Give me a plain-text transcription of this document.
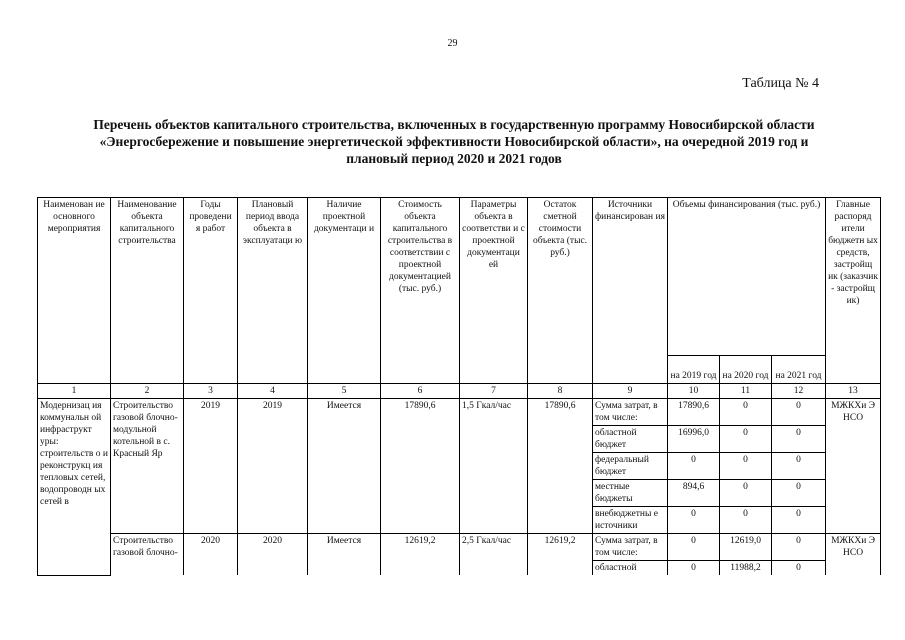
29
Таблица № 4
Перечень объектов капитального строительства, включенных в государственную программу Новосибирской области «Энергосбережение и повышение энергетической эффективности Новосибирской области», на очередной 2019 год и плановый период 2020 и 2021 годов
Наименован ие основного мероприятия	Наименование объекта капитального строительства	Годы проведени я работ	Плановый период ввода объекта в эксплуатаци ю	Наличие проектной документаци и	Стоимость объекта капитального строительства в соответствии с проектной документацией (тыс. руб.)	Параметры объекта в соответстви и с проектной документаци ей	Остаток сметной стоимости объекта (тыс. руб.)	Источники финансирован ия	Объемы финансирования (тыс. руб.)			Главные распоряд ители бюджетн ых средств, застройщ ик (заказчик - застройщ ик)
									на 2019 год	на 2020 год	на 2021 год	
1	2	3	4	5	6	7	8	9	10	11	12	13
Модернизац ия коммунальн ой инфраструкт уры: строительств о и реконструкц ия тепловых сетей, водопроводн ых сетей в	Строительство газовой блочно-модульной котельной в с. Красный Яр	2019	2019	Имеется	17890,6	1,5 Гкал/час	17890,6	Сумма затрат, в том числе:	17890,6	0	0	МЖКХи Э НСО
								областной бюджет	16996,0	0	0	
								федеральный бюджет	0	0	0	
								местные бюджеты	894,6	0	0	
								внебюджетны е источники	0	0	0	
	Строительство газовой блочно-	2020	2020	Имеется	12619,2	2,5 Гкал/час	12619,2	Сумма затрат, в том числе:	0	12619,0	0	МЖКХи Э НСО
								областной	0	11988,2	0	
